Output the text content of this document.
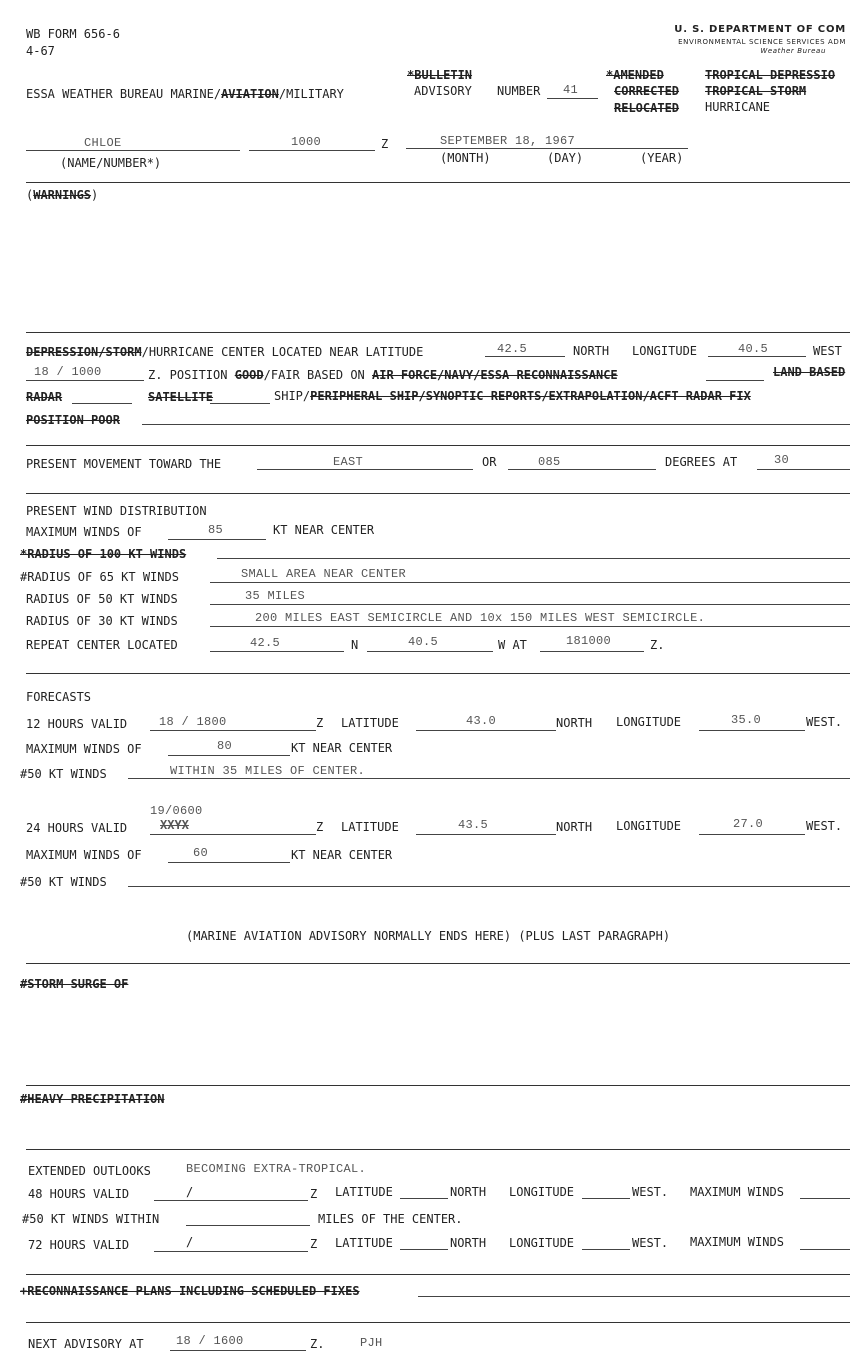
WB FORM 656-6
4-67
U. S. DEPARTMENT OF COM
ENVIRONMENTAL SCIENCE SERVICES ADM
Weather Bureau
ESSA WEATHER BUREAU MARINE/AVIATION/MILITARY
*BULLETIN
ADVISORY NUMBER 41
*AMENDED
CORRECTED
RELOCATED
TROPICAL DEPRESSIO
TROPICAL STORM
HURRICANE
CHLOE	1000	Z	SEPTEMBER 18, 1967
(NAME/NUMBER*)	(MONTH)	(DAY)	(YEAR)
(WARNINGS)
DEPRESSION/STORM/HURRICANE CENTER LOCATED NEAR LATITUDE	42.5	NORTH LONGITUDE	40.5	WEST
18 / 1000	Z. POSITION GOOD/FAIR BASED ON AIR FORCE/NAVY/ESSA RECONNAISSANCE	LAND BASED
RADAR	SATELLITE	SHIP/PERIPHERAL SHIP/SYNOPTIC REPORTS/EXTRAPOLATION/ACFT RADAR FIX
POSITION POOR
PRESENT MOVEMENT TOWARD THE	EAST	OR	085	DEGREES AT	30
PRESENT WIND DISTRIBUTION
MAXIMUM WINDS OF	85	KT NEAR CENTER
*RADIUS OF 100 KT WINDS
#RADIUS OF 65 KT WINDS	SMALL AREA NEAR CENTER
RADIUS OF 50 KT WINDS	35 MILES
RADIUS OF 30 KT WINDS	200 MILES EAST SEMICIRCLE AND 10x 150 MILES WEST SEMICIRCLE.
REPEAT CENTER LOCATED	42.5	N	40.5	W AT	181000	Z.
FORECASTS
12 HOURS VALID	18 / 1800	Z LATITUDE	43.0	NORTH LONGITUDE	35.0	WEST.
MAXIMUM WINDS OF	80	KT NEAR CENTER
#50 KT WINDS	WITHIN 35 MILES OF CENTER.
19/0600
24 HOURS VALID	XXYX	Z LATITUDE	43.5	NORTH LONGITUDE	27.0	WEST.
MAXIMUM WINDS OF	60	KT NEAR CENTER
#50 KT WINDS
(MARINE AVIATION ADVISORY NORMALLY ENDS HERE) (PLUS LAST PARAGRAPH)
#STORM SURGE OF
#HEAVY PRECIPITATION
EXTENDED OUTLOOKS	BECOMING EXTRA-TROPICAL.
48 HOURS VALID	/	Z LATITUDE	NORTH LONGITUDE	WEST. MAXIMUM WINDS
#50 KT WINDS WITHIN	MILES OF THE CENTER.
72 HOURS VALID	/	Z LATITUDE	NORTH LONGITUDE	WEST. MAXIMUM WINDS
+RECONNAISSANCE PLANS INCLUDING SCHEDULED FIXES
NEXT ADVISORY AT	18 / 1600	Z.	PJH
